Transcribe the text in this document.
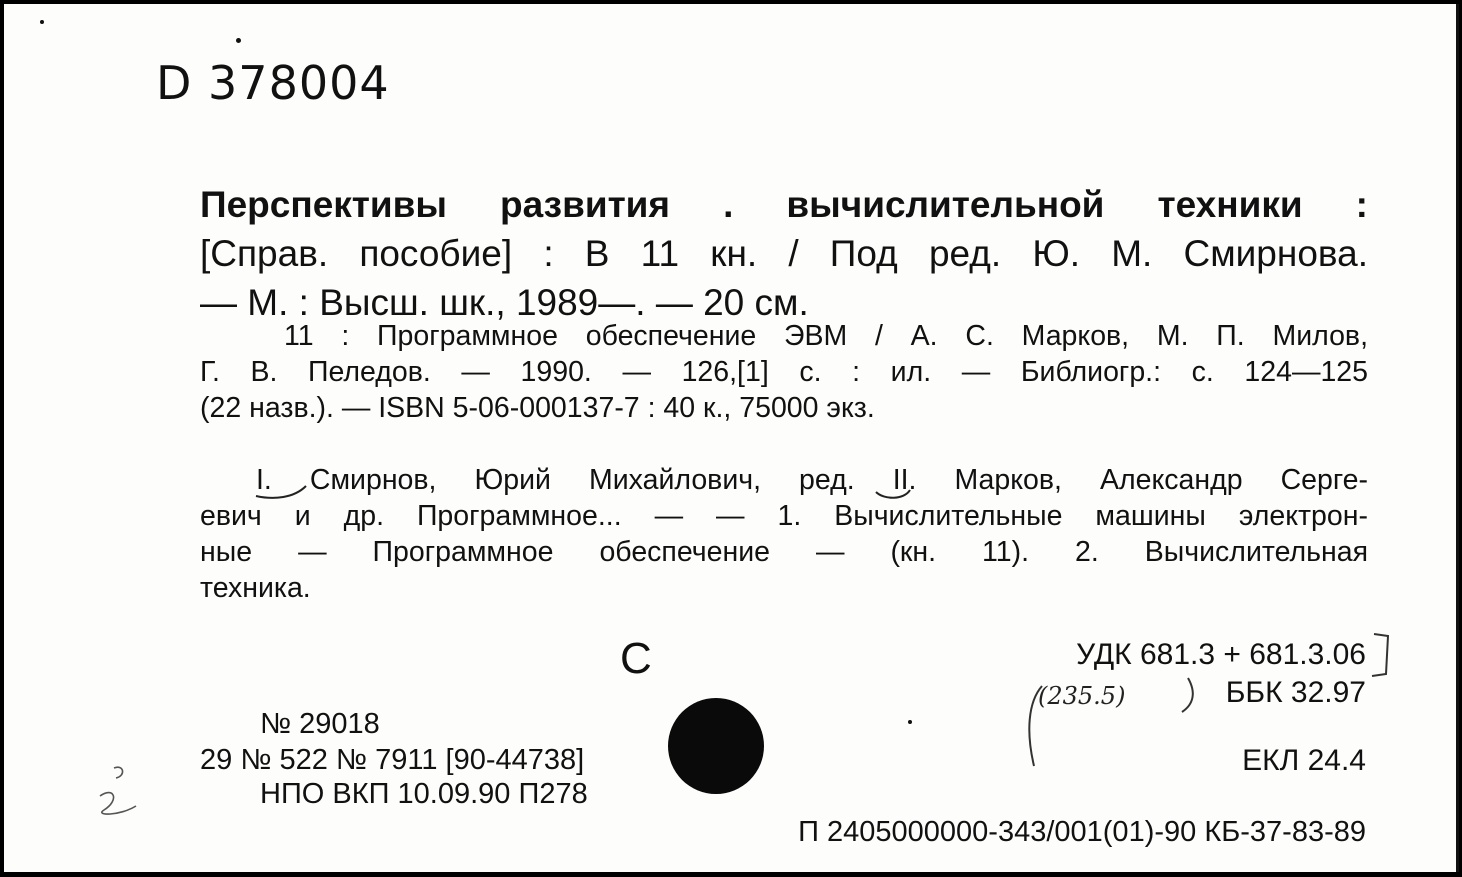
D 378004
Перспективы развития . вычислительной техники :
[Справ. пособие] : В 11 кн. / Под ред. Ю. М. Смирнова.
— М. : Высш. шк., 1989—. — 20 см.
11 : Программное обеспечение ЭВМ / А. С. Марков, М. П. Милов,
Г. В. Пеледов. — 1990. — 126,[1] с. : ил. — Библиогр.: с. 124—125
(22 назв.). — ISBN 5-06-000137-7 : 40 к., 75000 экз.
I. Смирнов, Юрий Михайлович, ред. II. Марков, Александр Серге-
евич и др. Программное... — — 1. Вычислительные машины электрон-
ные — Программное обеспечение — (кн. 11). 2. Вычислительная
техника.
С	УДК 681.3 + 681.3.06
ББК 32.97
ЕКЛ 24.4
№ 29018
29 № 522 № 7911 [90-44738]
НПО ВКП 10.09.90 П278
П 2405000000-343/001(01)-90 КБ-37-83-89
(235.5)
